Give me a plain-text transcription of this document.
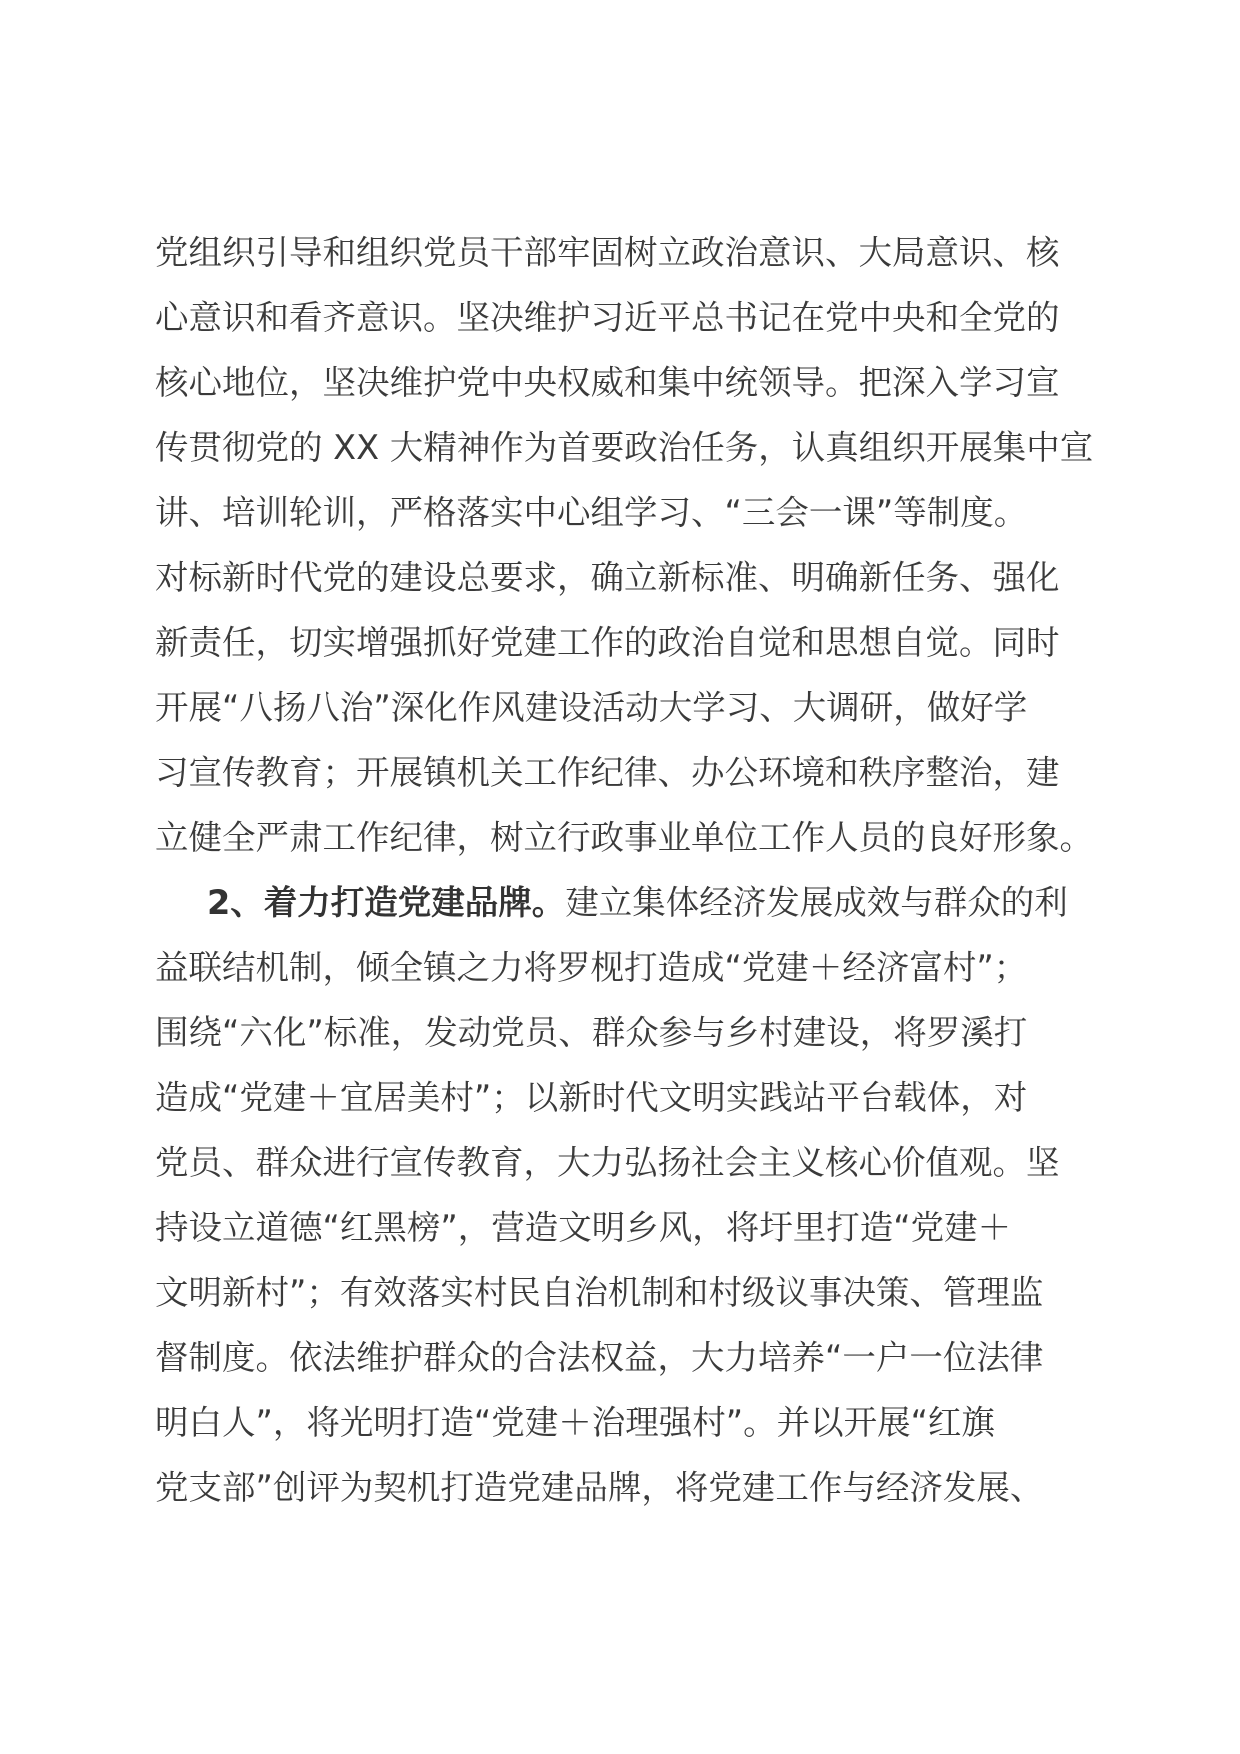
党组织引导和组织党员干部牢固树立政治意识、大局意识、核
心意识和看齐意识。坚决维护习近平总书记在党中央和全党的
核心地位，坚决维护党中央权威和集中统领导。把深入学习宣
传贯彻党的 XX 大精神作为首要政治任务，认真组织开展集中宣
讲、培训轮训，严格落实中心组学习、“三会一课”等制度。
对标新时代党的建设总要求，确立新标准、明确新任务、强化
新责任，切实增强抓好党建工作的政治自觉和思想自觉。同时
开展“八扬八治”深化作风建设活动大学习、大调研，做好学
习宣传教育；开展镇机关工作纪律、办公环境和秩序整治，建
立健全严肃工作纪律，树立行政事业单位工作人员的良好形象。
2、着力打造党建品牌。建立集体经济发展成效与群众的利
益联结机制，倾全镇之力将罗枧打造成“党建＋经济富村”；
围绕“六化”标准，发动党员、群众参与乡村建设，将罗溪打
造成“党建＋宜居美村”；以新时代文明实践站平台载体，对
党员、群众进行宣传教育，大力弘扬社会主义核心价值观。坚
持设立道德“红黑榜”，营造文明乡风，将圩里打造“党建＋
文明新村”；有效落实村民自治机制和村级议事决策、管理监
督制度。依法维护群众的合法权益，大力培养“一户一位法律
明白人”，将光明打造“党建＋治理强村”。并以开展“红旗
党支部”创评为契机打造党建品牌，将党建工作与经济发展、
